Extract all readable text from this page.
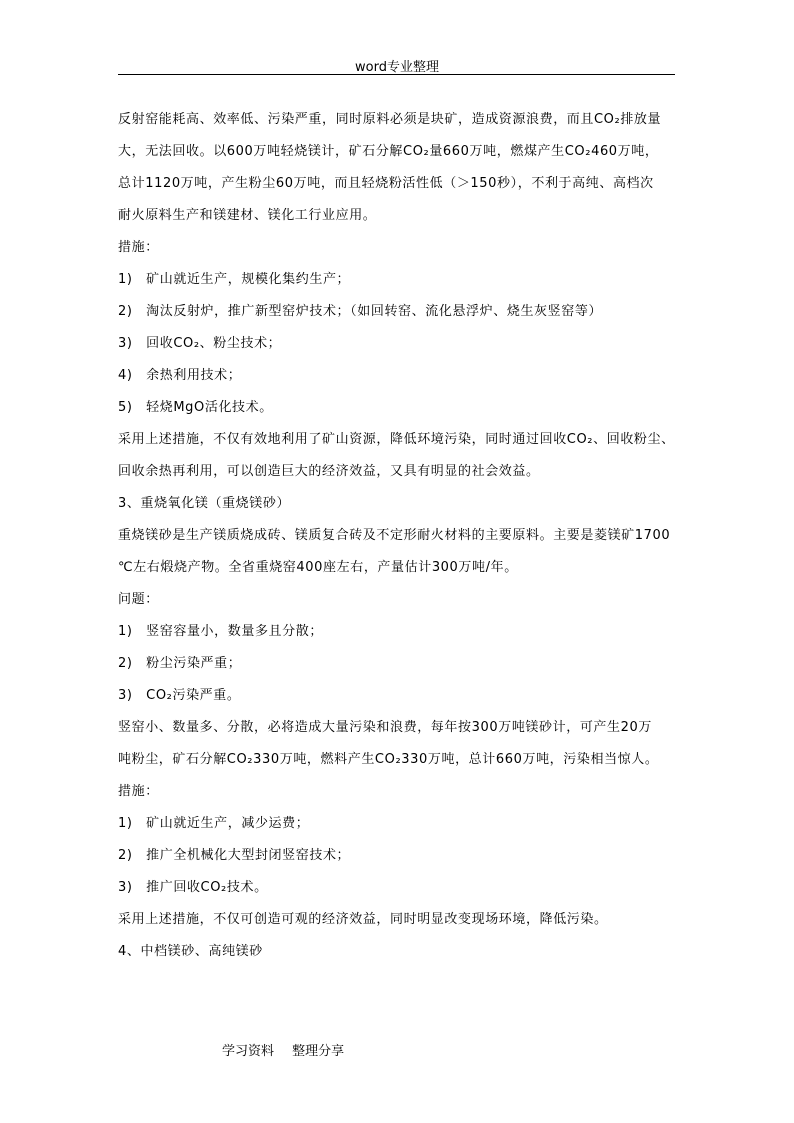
word专业整理
反射窑能耗高、效率低、污染严重，同时原料必须是块矿，造成资源浪费，而且CO₂排放量
大，无法回收。以600万吨轻烧镁计，矿石分解CO₂量660万吨，燃煤产生CO₂460万吨，
总计1120万吨，产生粉尘60万吨，而且轻烧粉活性低（＞150秒），不利于高纯、高档次
耐火原料生产和镁建材、镁化工行业应用。
措施：
1)　矿山就近生产，规模化集约生产；
2)　淘汰反射炉，推广新型窑炉技术；（如回转窑、流化悬浮炉、烧生灰竖窑等）
3)　回收CO₂、粉尘技术；
4)　余热利用技术；
5)　轻烧MgO活化技术。
采用上述措施，不仅有效地利用了矿山资源，降低环境污染，同时通过回收CO₂、回收粉尘、
回收余热再利用，可以创造巨大的经济效益，又具有明显的社会效益。
3、重烧氧化镁（重烧镁砂）
重烧镁砂是生产镁质烧成砖、镁质复合砖及不定形耐火材料的主要原料。主要是菱镁矿1700
℃左右煅烧产物。全省重烧窑400座左右，产量估计300万吨/年。
问题：
1)　竖窑容量小，数量多且分散；
2)　粉尘污染严重；
3)　CO₂污染严重。
竖窑小、数量多、分散，必将造成大量污染和浪费，每年按300万吨镁砂计，可产生20万
吨粉尘，矿石分解CO₂330万吨，燃料产生CO₂330万吨，总计660万吨，污染相当惊人。
措施：
1)　矿山就近生产，减少运费；
2)　推广全机械化大型封闭竖窑技术；
3)　推广回收CO₂技术。
采用上述措施，不仅可创造可观的经济效益，同时明显改变现场环境，降低污染。
4、中档镁砂、高纯镁砂
学习资料 整理分享
